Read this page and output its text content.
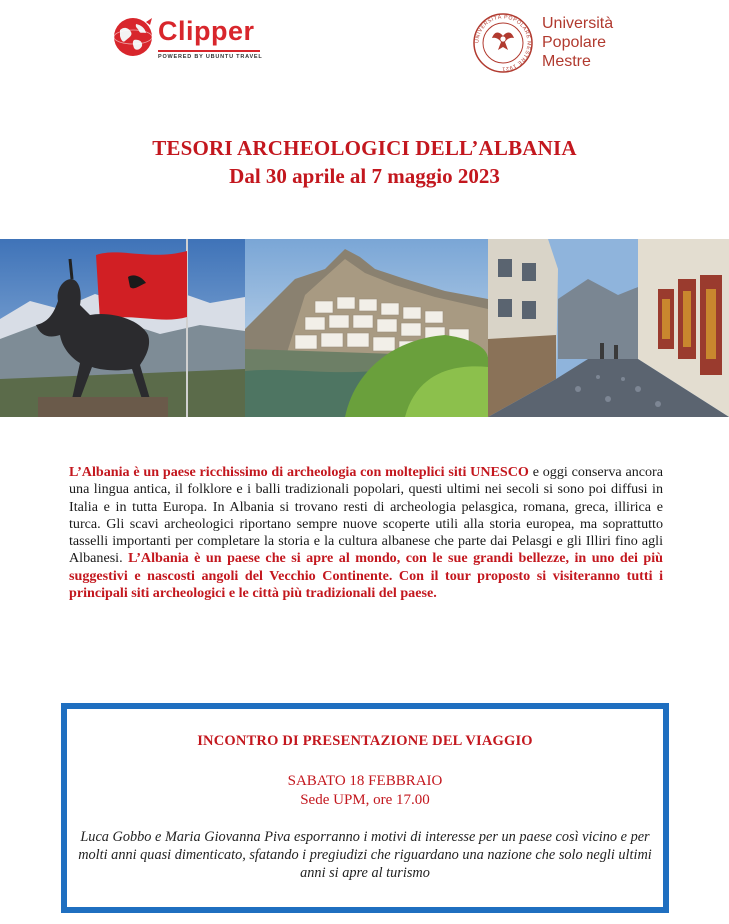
Clipper
POWERED BY UBUNTU TRAVEL
UNIVERSITÀ POPOLARE MESTRE 1921
Università
Popolare
Mestre
TESORI ARCHEOLOGICI DELL’ALBANIA
Dal 30 aprile al 7 maggio 2023
L’Albania è un paese ricchissimo di archeologia con molteplici siti UNESCO e oggi conserva ancora una lingua antica, il folklore e i balli tradizionali popolari, questi ultimi nei secoli si sono poi diffusi in Italia e in tutta Europa. In Albania si trovano resti di archeologia pelasgica, romana, greca, illirica e turca. Gli scavi archeologici riportano sempre nuove scoperte utili alla storia europea, ma soprattutto tasselli importanti per completare la storia e la cultura albanese che parte dai Pelasgi e gli Illiri fino agli Albanesi. L’Albania è un paese che si apre al mondo, con le sue grandi bellezze, in uno dei più suggestivi e nascosti angoli del Vecchio Continente. Con il tour proposto si visiteranno tutti i principali siti archeologici e le città più tradizionali del paese.
INCONTRO DI PRESENTAZIONE DEL VIAGGIO
SABATO 18 FEBBRAIO
Sede UPM, ore 17.00
Luca Gobbo e Maria Giovanna Piva esporranno i motivi di interesse per un paese così vicino e per molti anni quasi dimenticato, sfatando i pregiudizi che riguardano una nazione che solo negli ultimi anni si apre al turismo
